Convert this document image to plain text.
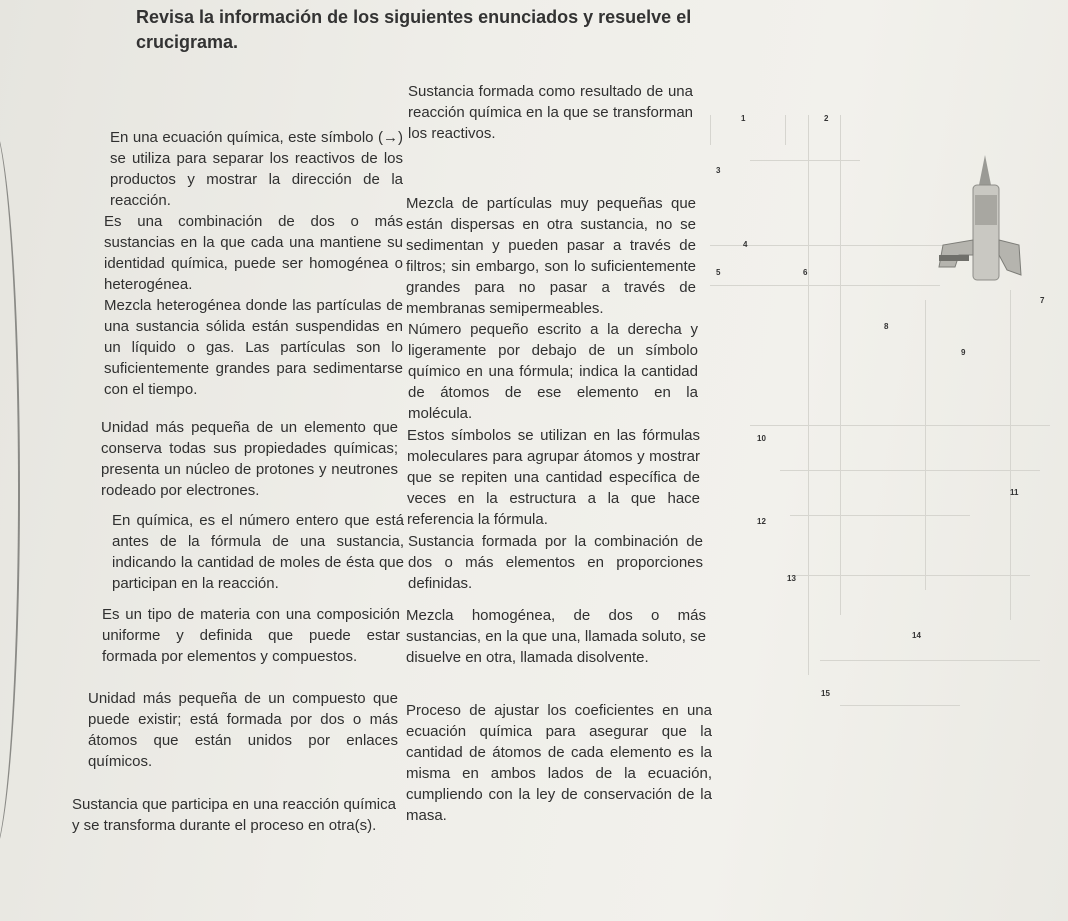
Revisa la información de los siguientes enunciados y resuelve el crucigrama.
En una ecuación química, este símbolo (→) se utiliza para separar los reactivos de los productos y mostrar la dirección de la reacción.
Es una combinación de dos o más sustancias en la que cada una mantiene su identidad química, puede ser homogénea o heterogénea.
Mezcla heterogénea donde las partículas de una sustancia sólida están suspendidas en un líquido o gas. Las partículas son lo suficientemente grandes para sedimentarse con el tiempo.
Unidad más pequeña de un elemento que conserva todas sus propiedades químicas; presenta un núcleo de protones y neutrones rodeado por electrones.
En química, es el número entero que está antes de la fórmula de una sustancia, indicando la cantidad de moles de ésta que participan en la reacción.
Es un tipo de materia con una composición uniforme y definida que puede estar formada por elementos y compuestos.
Unidad más pequeña de un compuesto que puede existir; está formada por dos o más átomos que están unidos por enlaces químicos.
Sustancia que participa en una reacción química y se transforma durante el proceso en otra(s).
Sustancia formada como resultado de una reacción química en la que se transforman los reactivos.
Mezcla de partículas muy pequeñas que están dispersas en otra sustancia, no se sedimentan y pueden pasar a través de filtros; sin embargo, son lo suficientemente grandes para no pasar a través de membranas semipermeables.
Número pequeño escrito a la derecha y ligeramente por debajo de un símbolo químico en una fórmula; indica la cantidad de átomos de ese elemento en la molécula.
Estos símbolos se utilizan en las fórmulas moleculares para agrupar átomos y mostrar que se repiten una cantidad específica de veces en la estructura a la que hace referencia la fórmula.
Sustancia formada por la combinación de dos o más elementos en proporciones definidas.
Mezcla homogénea, de dos o más sustancias, en la que una, llamada soluto, se disuelve en otra, llamada disolvente.
Proceso de ajustar los coeficientes en una ecuación química para asegurar que la cantidad de átomos de cada elemento es la misma en ambos lados de la ecuación, cumpliendo con la ley de conservación de la masa.
1	2
3
4
5	6
7
8
9
10
11
12
13
14
15
